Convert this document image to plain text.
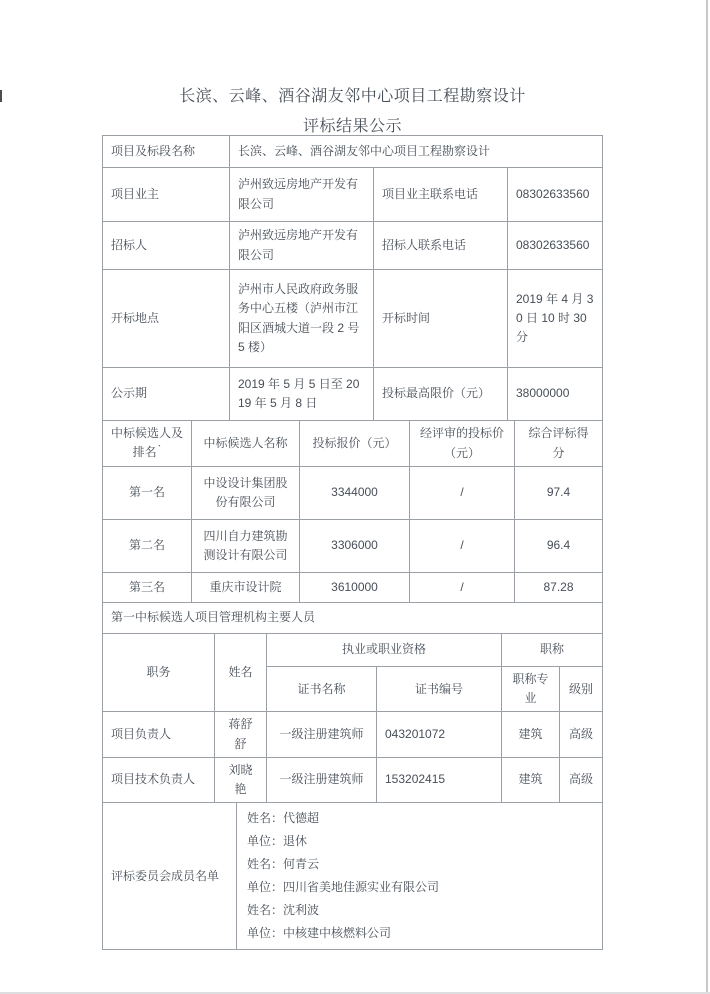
长滨、云峰、酒谷湖友邻中心项目工程勘察设计
评标结果公示
项目及标段名称	长滨、云峰、酒谷湖友邻中心项目工程勘察设计		
项目业主	泸州致远房地产开发有限公司	项目业主联系电话	08302633560
招标人	泸州致远房地产开发有限公司	招标人联系电话	08302633560
开标地点	泸州市人民政府政务服务中心五楼（泸州市江阳区酒城大道一段 2 号 5 楼）	开标时间	2019 年 4 月 30 日 10 时 30 分
公示期	2019 年 5 月 5 日至 2019 年 5 月 8 日	投标最高限价（元）	38000000
中标候选人及
排名ˋ	中标候选人名称	投标报价（元）	经评审的投标价（元）	综合评标得分
第一名	中设设计集团股份有限公司	3344000	/	97.4
第二名	四川自力建筑勘测设计有限公司	3306000	/	96.4
第三名	重庆市设计院	3610000	/	87.28
第一中标候选人项目管理机构主要人员
职务	姓名	执业或职业资格		职称	
		证书名称	证书编号	职称专业	级别
项目负责人	蒋舒舒	一级注册建筑师	043201072	建筑	高级
项目技术负责人	刘晓艳	一级注册建筑师	153202415	建筑	高级
评标委员会成员名单	
姓名：代德超
单位：退休
姓名：何青云
单位：四川省美地佳源实业有限公司
姓名：沈利波
单位：中核建中核燃料公司
